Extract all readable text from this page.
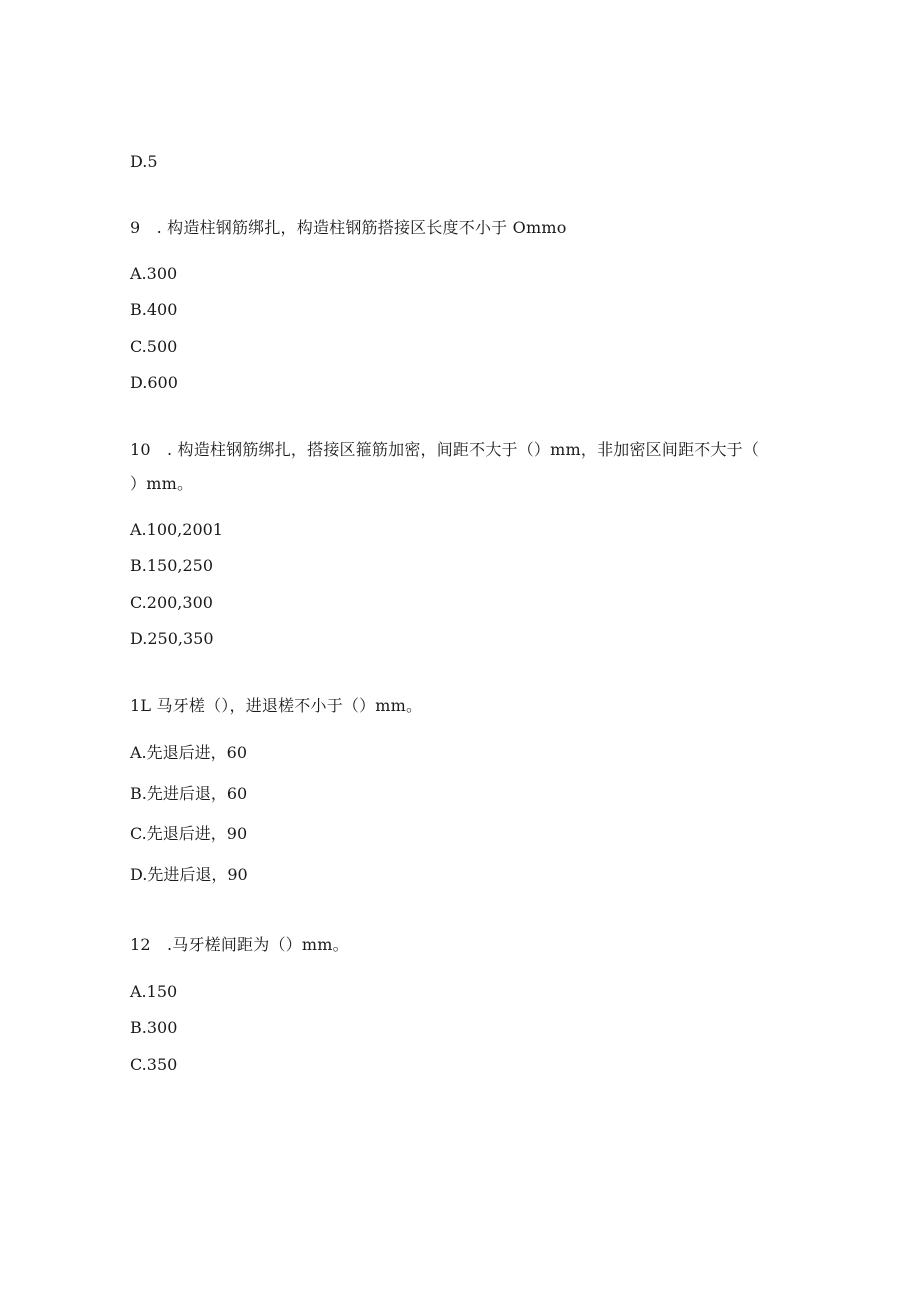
D.5
9　. 构造柱钢筋绑扎，构造柱钢筋搭接区长度不小于 Ommo
A.300
B.400
C.500
D.600
10　. 构造柱钢筋绑扎，搭接区箍筋加密，间距不大于（）mm，非加密区间距不大于（
）mm。
A.100,2001
B.150,250
C.200,300
D.250,350
1L 马牙槎（），进退槎不小于（）mm。
A.先退后进，60
B.先进后退，60
C.先退后进，90
D.先进后退，90
12　.马牙槎间距为（）mm。
A.150
B.300
C.350
